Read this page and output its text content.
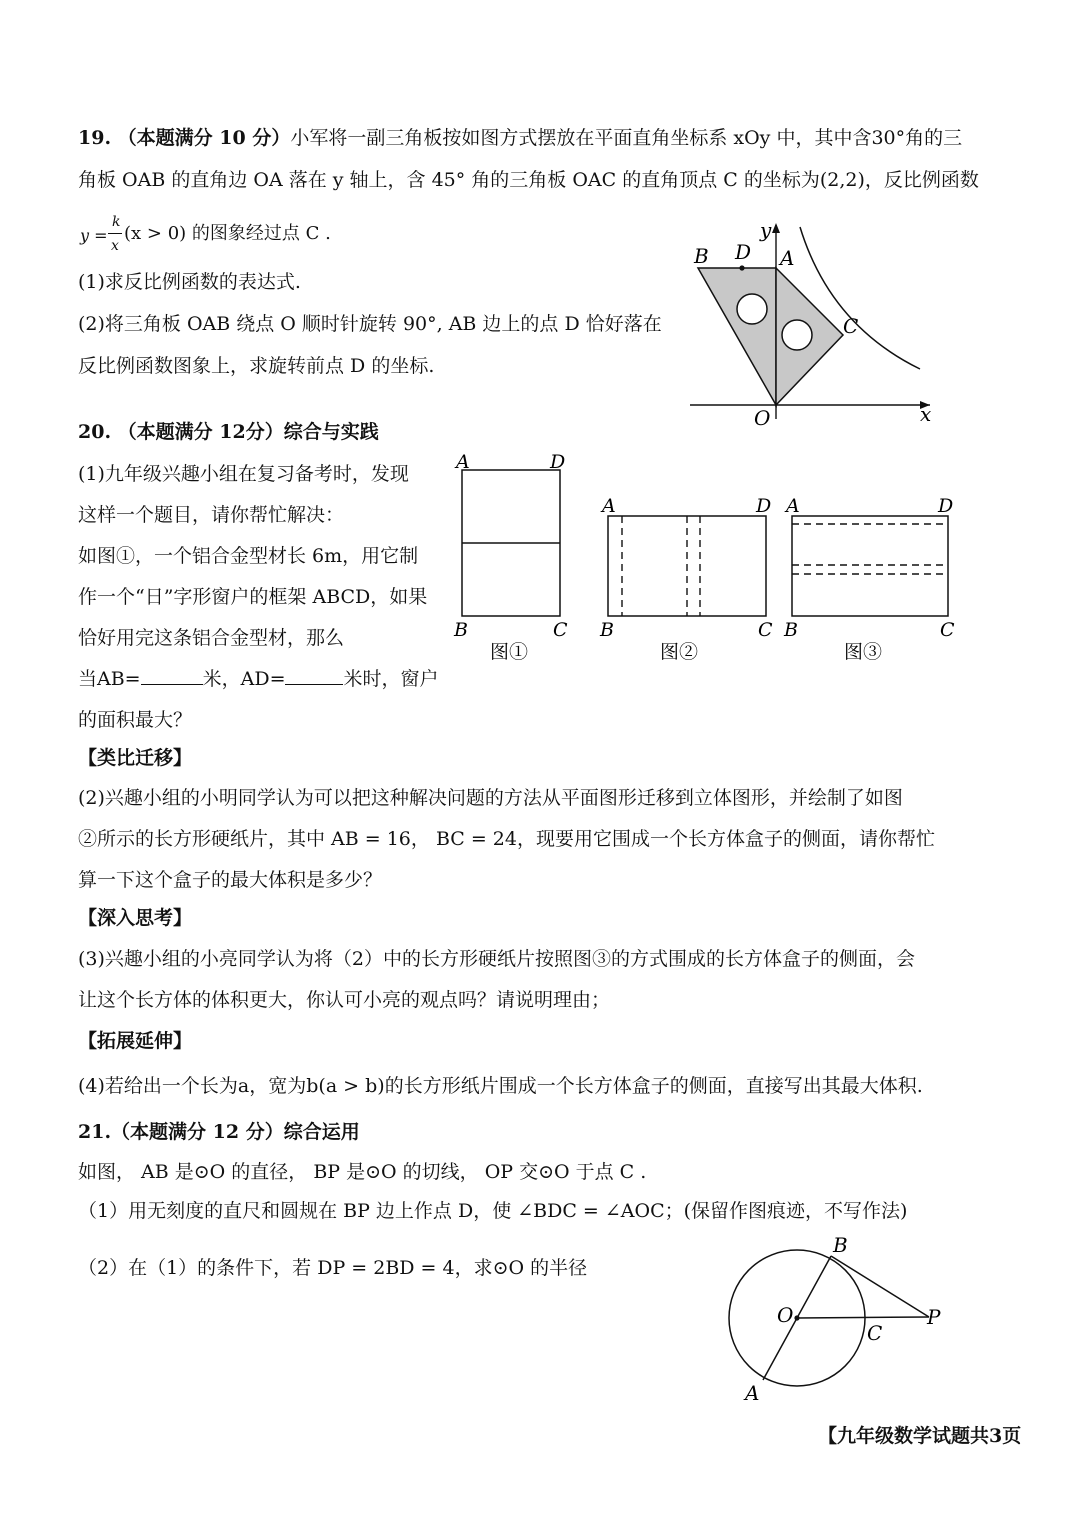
19. （本题满分 10 分）小军将一副三角板按如图方式摆放在平面直角坐标系 xOy 中，其中含30°角的三
角板 OAB 的直角边 OA 落在 y 轴上，含 45° 角的三角板 OAC 的直角顶点 C 的坐标为(2,2)，反比例函数
y =
k
x
(x > 0) 的图象经过点 C .
(1)求反比例函数的表达式.
(2)将三角板 OAB 绕点 O 顺时针旋转 90°, AB 边上的点 D 恰好落在
反比例函数图象上，求旋转前点 D 的坐标.
B D A
y
C
O	x
20. （本题满分 12分）综合与实践
(1)九年级兴趣小组在复习备考时，发现
这样一个题目，请你帮忙解决：
如图①，一个铝合金型材长 6m，用它制
作一个“日”字形窗户的框架 ABCD，如果
恰好用完这条铝合金型材，那么
当AB=	米，AD=	米时，窗户
的面积最大？
【类比迁移】
(2)兴趣小组的小明同学认为可以把这种解决问题的方法从平面图形迁移到立体图形，并绘制了如图
②所示的长方形硬纸片，其中 AB = 16， BC = 24，现要用它围成一个长方体盒子的侧面，请你帮忙
算一下这个盒子的最大体积是多少？
【深入思考】
(3)兴趣小组的小亮同学认为将（2）中的长方形硬纸片按照图③的方式围成的长方体盒子的侧面，会
让这个长方体的体积更大，你认可小亮的观点吗？请说明理由；
【拓展延伸】
(4)若给出一个长为a，宽为b(a > b)的长方形纸片围成一个长方体盒子的侧面，直接写出其最大体积.
A	D
B	C
图①
A	D
B	C
图②
A	D
B	C
图③
21.（本题满分 12 分）综合运用
如图， AB 是⊙O 的直径， BP 是⊙O 的切线， OP 交⊙O 于点 C .
（1）用无刻度的直尺和圆规在 BP 边上作点 D，使 ∠BDC = ∠AOC；(保留作图痕迹，不写作法)
（2）在（1）的条件下，若 DP = 2BD = 4，求⊙O 的半径
B
O
C
P
A
【九年级数学试题共3页
